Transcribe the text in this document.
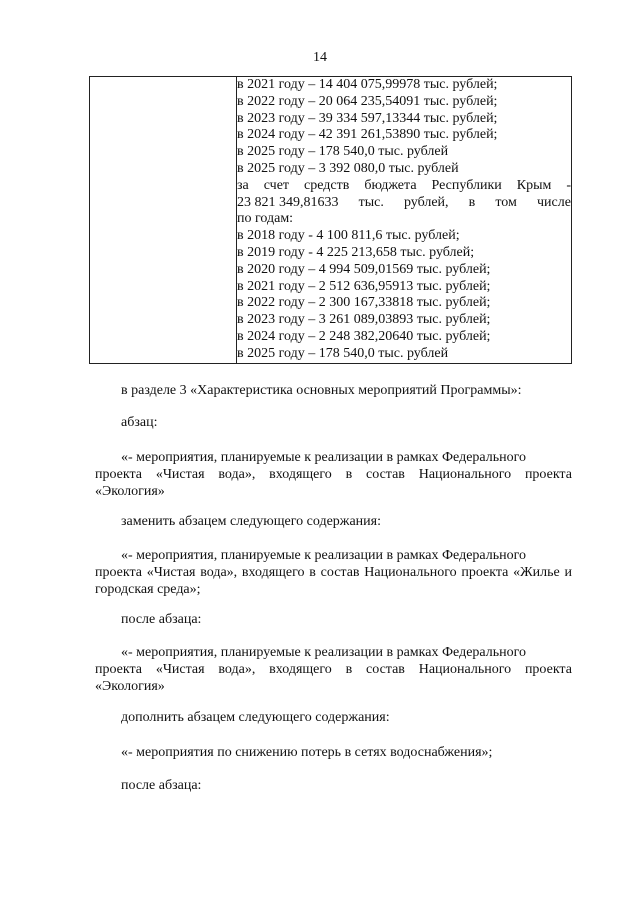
14

в 2021 году – 14 404 075,99978 тыс. рублей;
в 2022 году – 20 064 235,54091 тыс. рублей;
в 2023 году – 39 334 597,13344 тыс. рублей;
в 2024 году – 42 391 261,53890 тыс. рублей;
в 2025 году – 178 540,0 тыс. рублей
в 2025 году – 3 392 080,0 тыс. рублей
за счет средств бюджета Республики Крым -
23 821 349,81633 тыс. рублей, в том числе
по годам:
в 2018 году - 4 100 811,6 тыс. рублей;
в 2019 году - 4 225 213,658 тыс. рублей;
в 2020 году – 4 994 509,01569 тыс. рублей;
в 2021 году – 2 512 636,95913 тыс. рублей;
в 2022 году – 2 300 167,33818 тыс. рублей;
в 2023 году – 3 261 089,03893 тыс. рублей;
в 2024 году – 2 248 382,20640 тыс. рублей;
в 2025 году – 178 540,0 тыс. рублей
в разделе 3 «Характеристика основных мероприятий Программы»:
абзац:
«- мероприятия, планируемые к реализации в рамках Федерального
проекта «Чистая вода», входящего в состав Национального проекта
«Экология»
заменить абзацем следующего содержания:
«- мероприятия, планируемые к реализации в рамках Федерального
проекта «Чистая вода», входящего в состав Национального проекта «Жилье и
городская среда»;
после абзаца:
«- мероприятия, планируемые к реализации в рамках Федерального
проекта «Чистая вода», входящего в состав Национального проекта
«Экология»
дополнить абзацем следующего содержания:
«- мероприятия по снижению потерь в сетях водоснабжения»;
после абзаца:
